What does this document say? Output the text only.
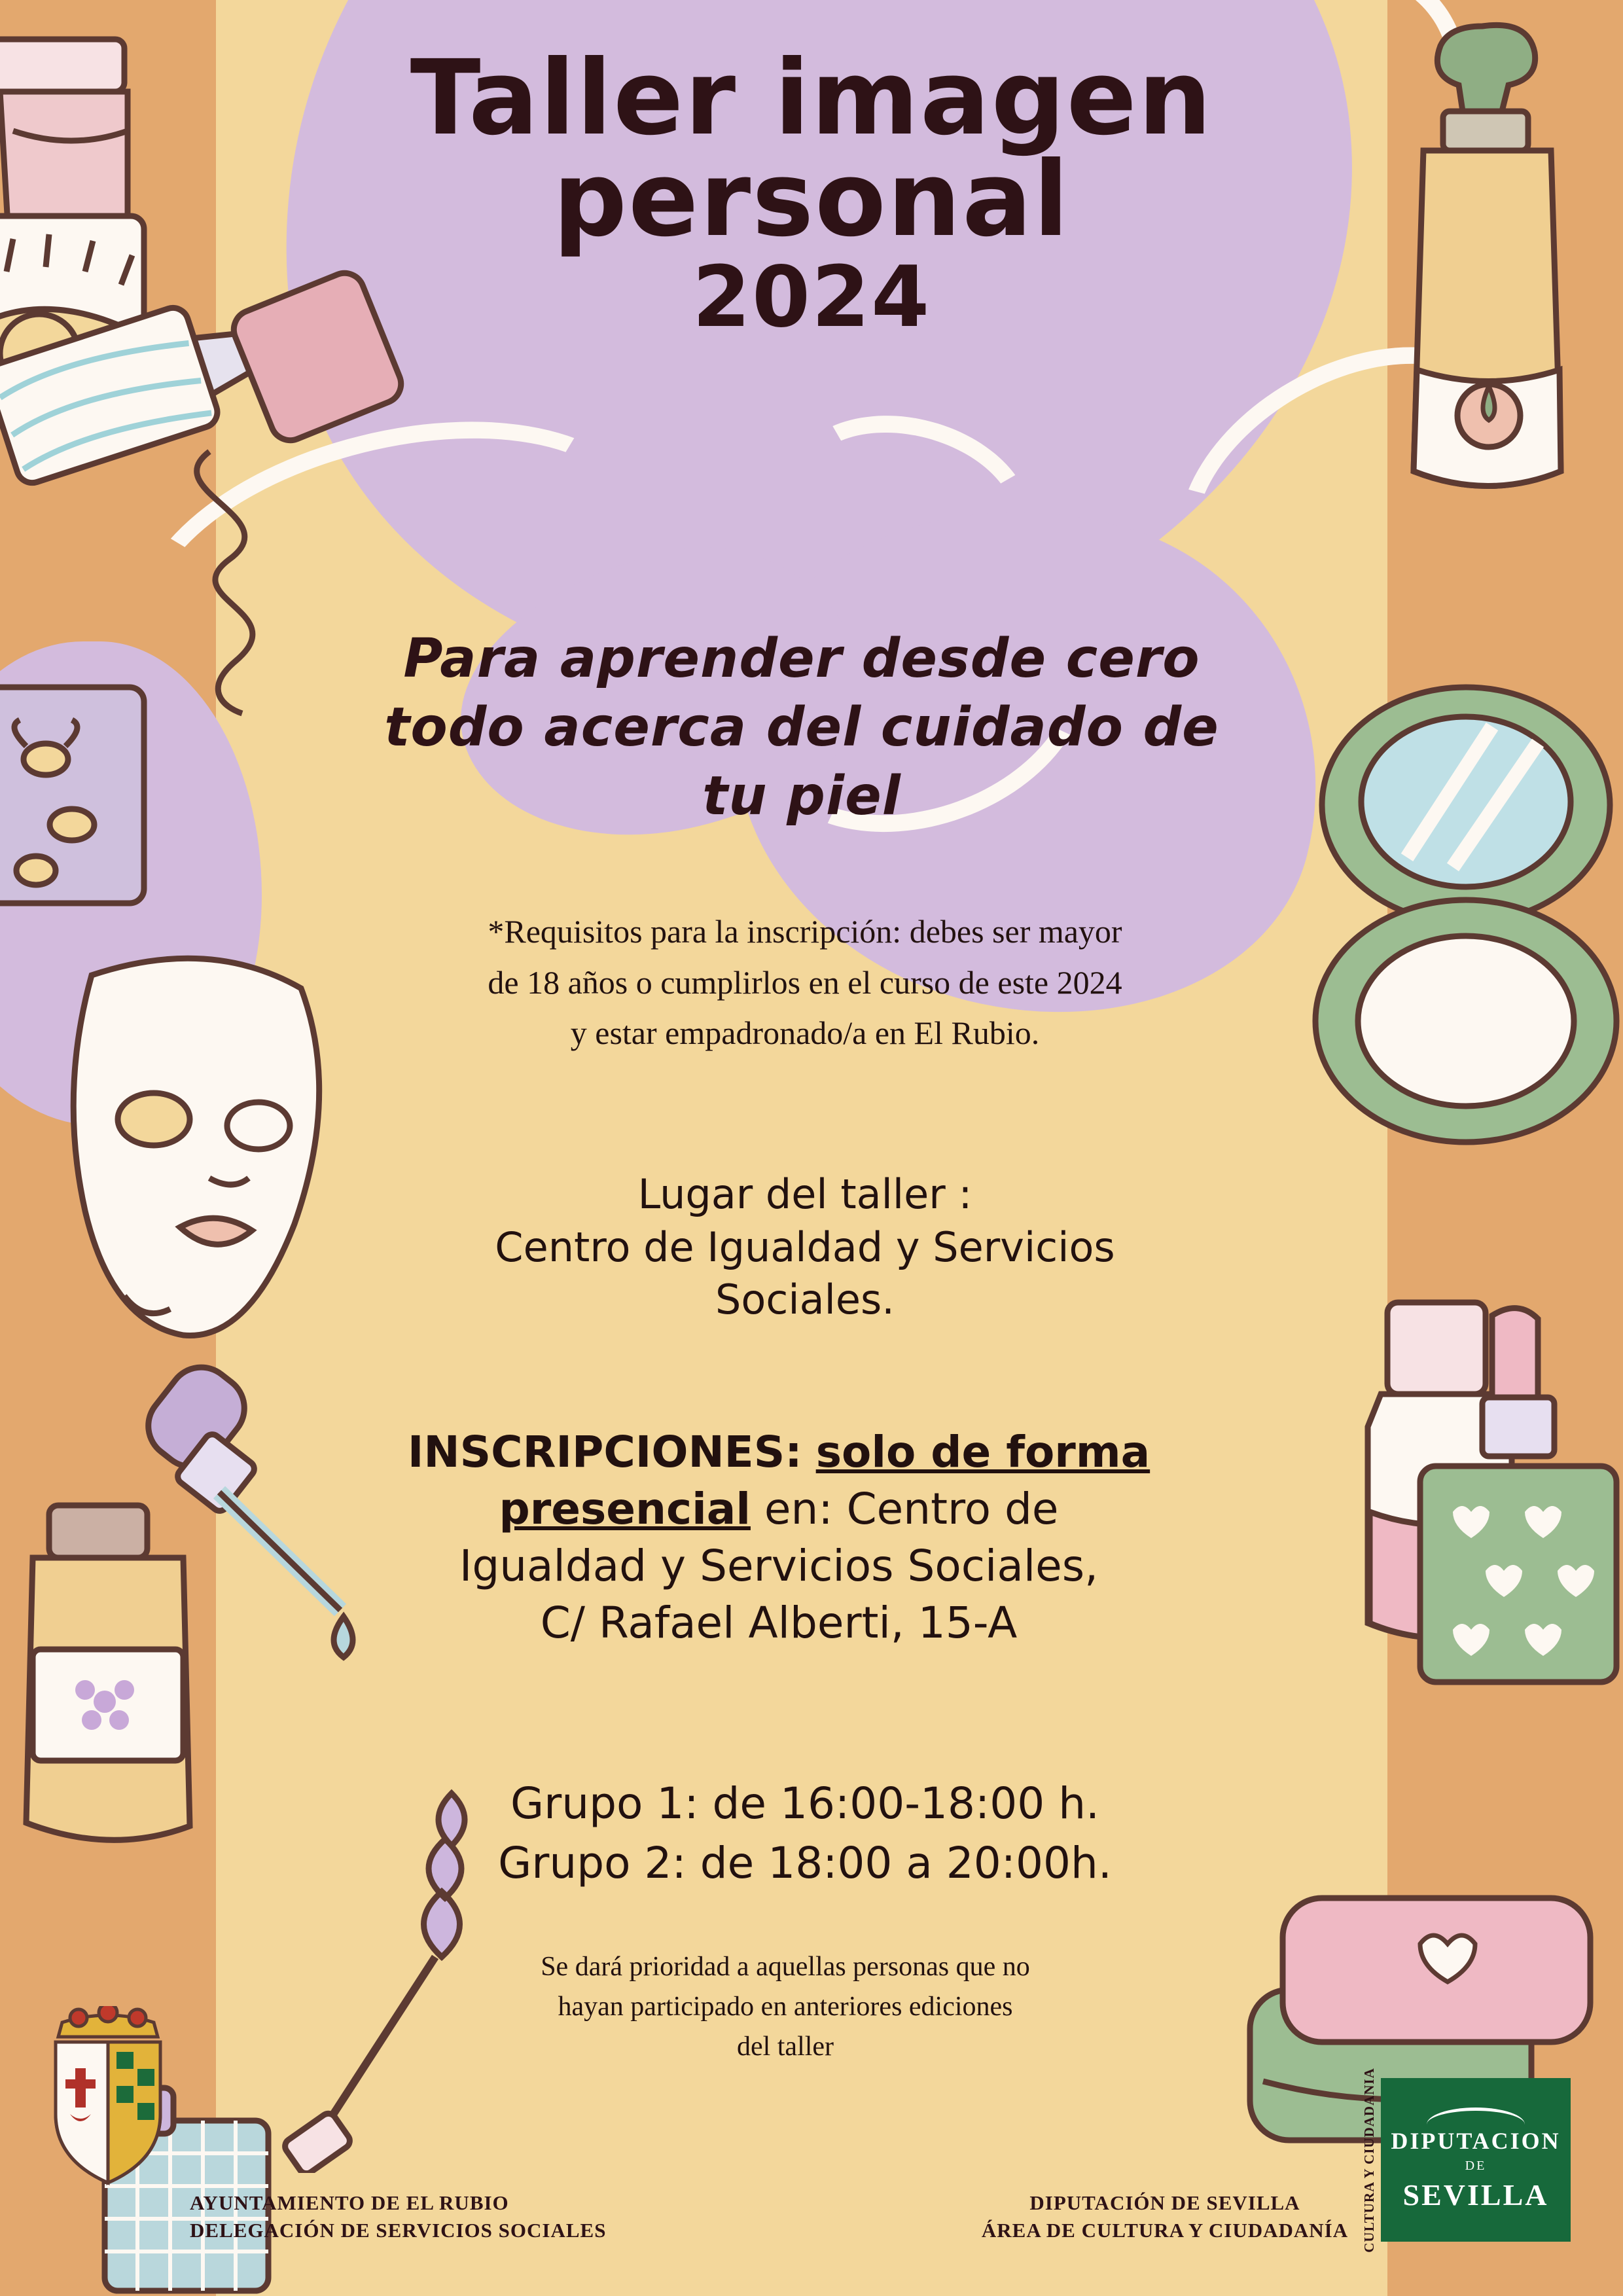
Taller imagen
personal
2024
Para aprender desde cero
todo acerca del cuidado de
tu piel
*Requisitos para la inscripción: debes ser mayor
de 18 años o cumplirlos en el curso de este 2024
y estar empadronado/a en El Rubio.
Lugar del taller :
Centro de Igualdad y Servicios
Sociales.
INSCRIPCIONES: solo de forma
presencial en: Centro de
Igualdad y Servicios Sociales,
C/ Rafael Alberti, 15-A
Grupo 1: de 16:00-18:00 h.
Grupo 2: de 18:00 a 20:00h.
Se dará prioridad a aquellas personas que no
hayan participado en anteriores ediciones
del taller
AYUNTAMIENTO DE EL RUBIO
DELEGACIÓN DE SERVICIOS SOCIALES
DIPUTACIÓN DE SEVILLA
ÁREA DE CULTURA Y CIUDADANÍA CULTURA Y CIUDADANIA DIPUTACION
DE
SEVILLA
